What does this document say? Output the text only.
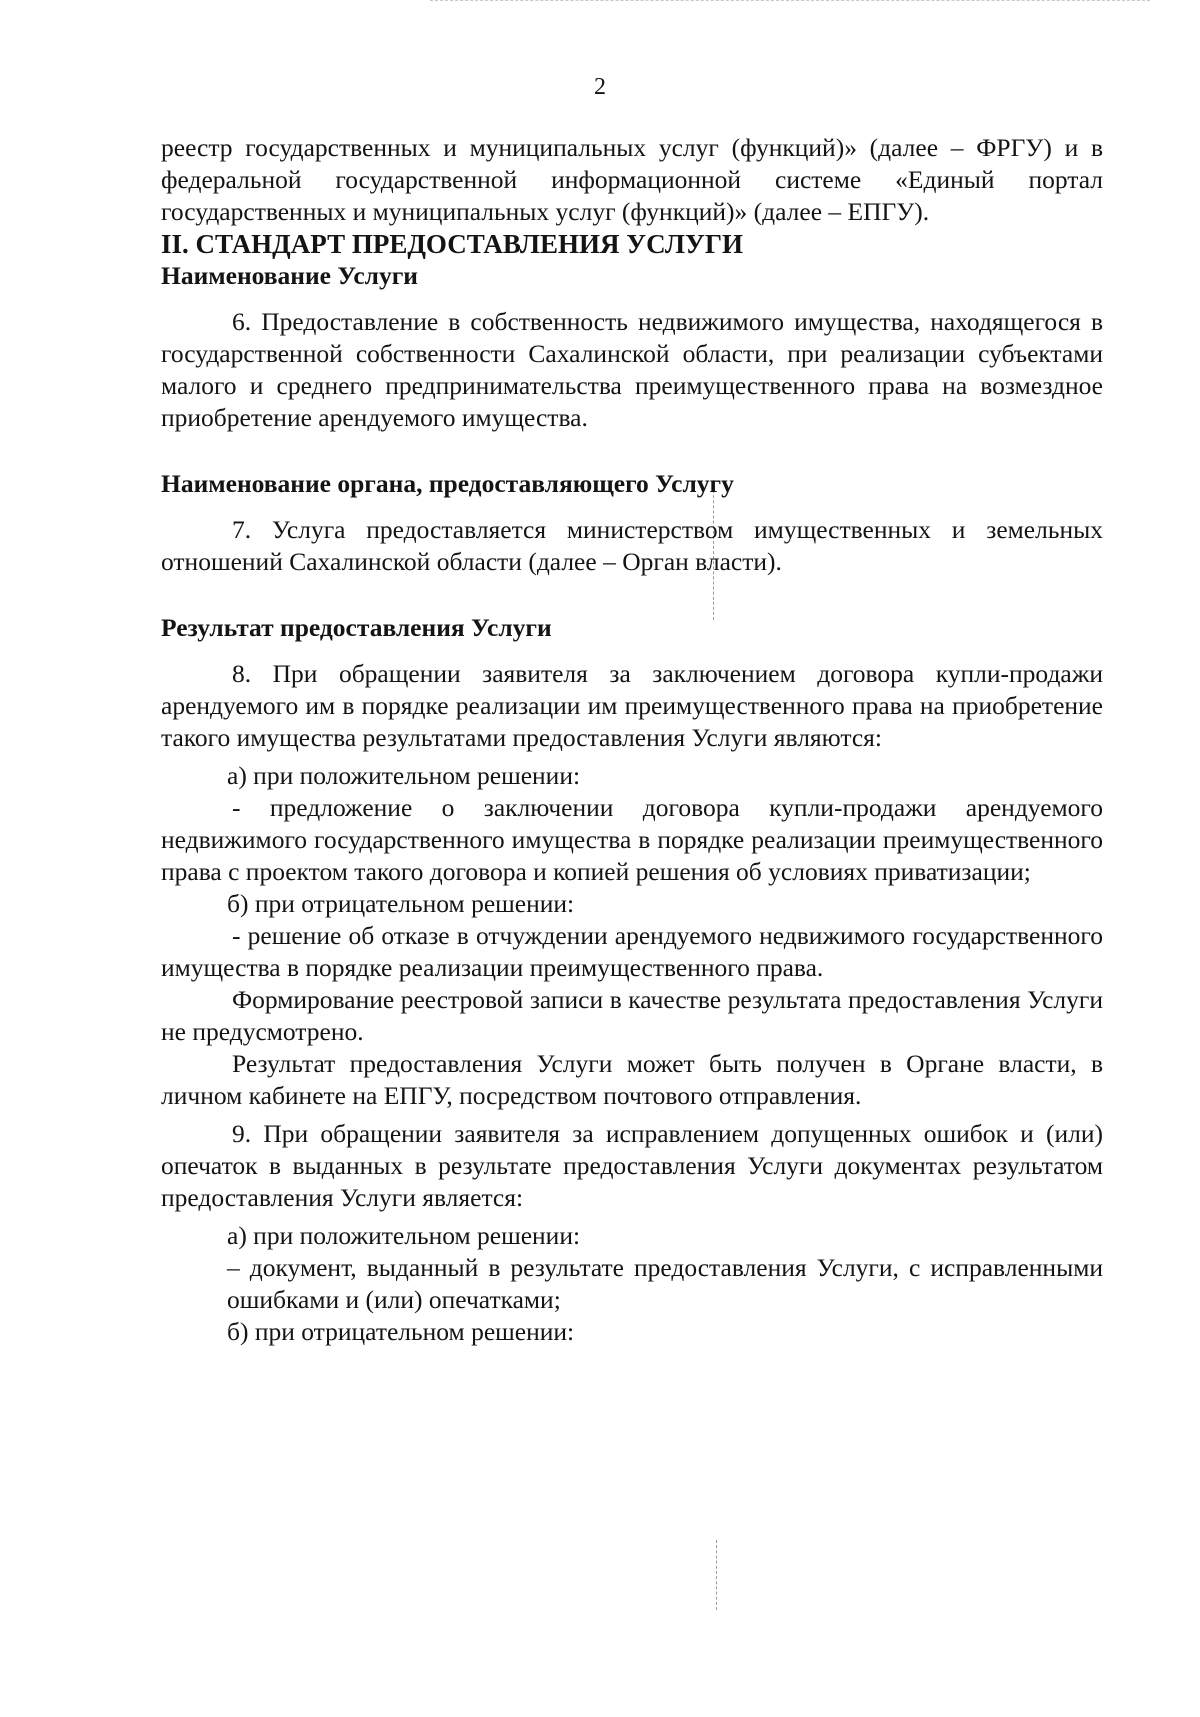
2

реестр государственных и муниципальных услуг (функций)» (далее – ФРГУ) и в федеральной государственной информационной системе «Единый портал государственных и муниципальных услуг (функций)» (далее – ЕПГУ).

II. СТАНДАРТ ПРЕДОСТАВЛЕНИЯ УСЛУГИ

Наименование Услуги

6. Предоставление в собственность недвижимого имущества, находящегося в государственной собственности Сахалинской области, при реализации субъектами малого и среднего предпринимательства преимущественного права на возмездное приобретение арендуемого имущества.

Наименование органа, предоставляющего Услугу

7. Услуга предоставляется министерством имущественных и земельных отношений Сахалинской области (далее – Орган власти).

Результат предоставления Услуги

8. При обращении заявителя за заключением договора купли-продажи арендуемого им в порядке реализации им преимущественного права на приобретение такого имущества результатами предоставления Услуги являются:

а) при положительном решении:

- предложение о заключении договора купли-продажи арендуемого недвижимого государственного имущества в порядке реализации преимущественного права с проектом такого договора и копией решения об условиях приватизации;

б) при отрицательном решении:

- решение об отказе в отчуждении арендуемого недвижимого государственного имущества в порядке реализации преимущественного права.

Формирование реестровой записи в качестве результата предоставления Услуги не предусмотрено.

Результат предоставления Услуги может быть получен в Органе власти, в личном кабинете на ЕПГУ, посредством почтового отправления.

9. При обращении заявителя за исправлением допущенных ошибок и (или) опечаток в выданных в результате предоставления Услуги документах результатом предоставления Услуги является:

а) при положительном решении:

– документ, выданный в результате предоставления Услуги, с исправленными ошибками и (или) опечатками;

б) при отрицательном решении:
